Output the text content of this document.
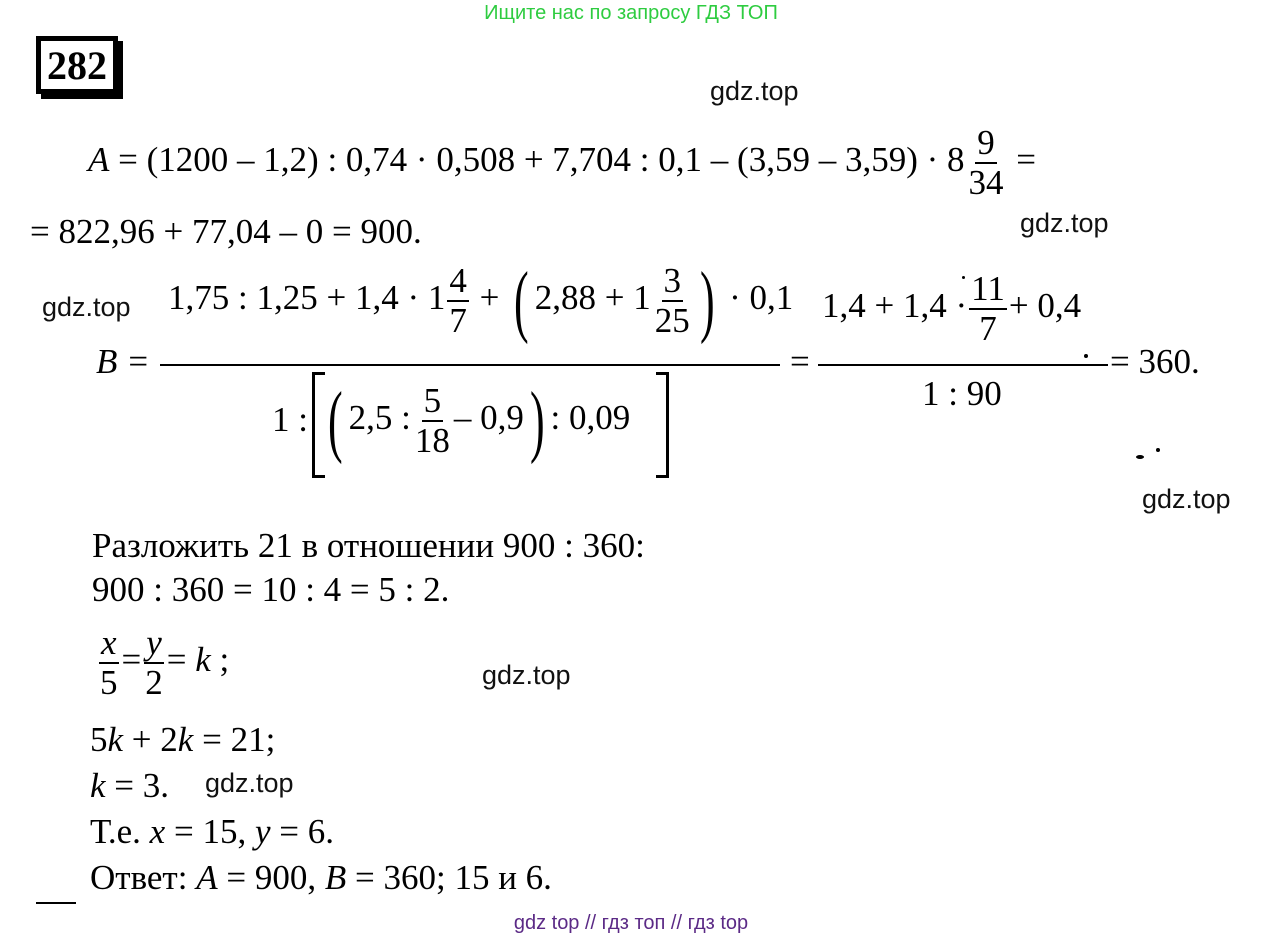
Ищите нас по запросу ГДЗ ТОП
gdz top // гдз топ // гдз top
282
gdz.top
gdz.top
gdz.top
gdz.top
gdz.top
gdz.top
A = (1200 – 1,2) : 0,74 · 0,508 + 7,704 : $0,1 - (3,59 - 3,59) \cdot 8 \frac{9}{34}$ =
= 822,96 + 77,04 – 0 = 900.
B =
1,75 : $1,25 + 1,4 \cdot 1 \frac{4}{7}$ + ( $2,88 + 1 \frac{3}{25}$ ) · 0,1
1 : ( 2,5 : $\frac{5}{18} - 0,9$) : 0,09
=
$1,4 + 1,4 \cdot \frac{11}{7} + 0,4$
1 : 90
= 360.
Разложить 21 в отношении 900 : 360:
900 : 360 = 10 : 4 = 5 : 2.
$\frac{x}{5} = \frac{y}{2} = k$ ;
5k + 2k = 21;
k = 3.
Т.е. x = 15, y = 6.
Ответ: A = 900, B = 360; 15 и 6.
